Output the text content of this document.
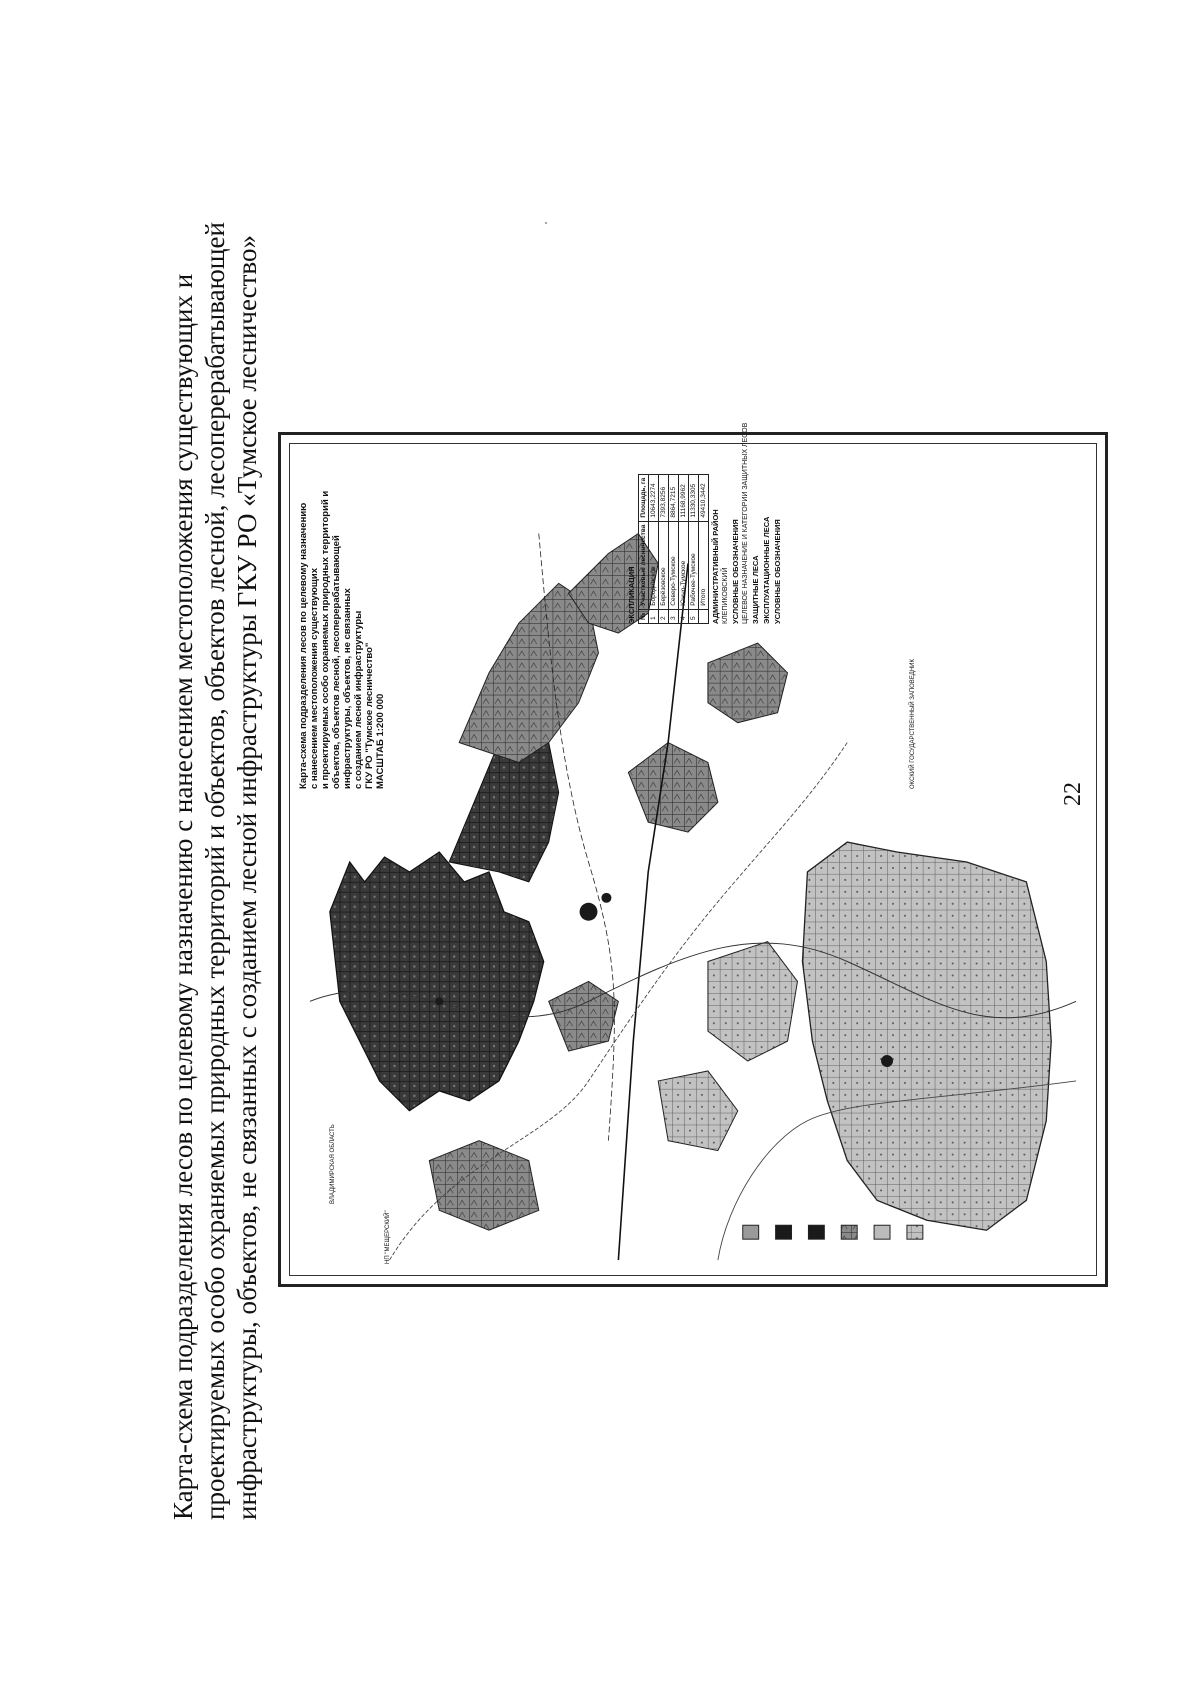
Карта-схема подразделения лесов по целевому назначению с нанесением местоположения существующих и проектируемых особо охраняемых природных территорий и объектов, объектов лесной, лесоперерабатывающей инфраструктуры, объектов, не связанных с созданием лесной инфраструктуры ГКУ РО «Тумское лесничество»	Карта-схема подразделения лесов по целевому назначению с нанесением местоположения существующих и проектируемых особо охраняемых природных территорий и объектов, объектов лесной, лесоперерабатывающей инфраструктуры, объектов, не связанных с созданием лесной инфраструктуры ГКУ РО "Тумское лесничество" МАСШТАБ 1:200 000
ЭКСПЛИКАЦИЯ №	Участковые лесничества	Площадь, га
1	Бородинское	10643,2274
2	Берёзовское	7393,8256
3	Северо-Тумское	8864,7215
4	Южно-Тумское	11168,9962
5	Рабочее-Тумское	11330,3305
	Итого	49410,3442
АДМИНИСТРАТИВНЫЙ РАЙОН КЛЕПИКОВСКИЙ УСЛОВНЫЕ ОБОЗНАЧЕНИЯ ЦЕЛЕВОЕ НАЗНАЧЕНИЕ И КАТЕГОРИИ ЗАЩИТНЫХ ЛЕСОВ ЗАЩИТНЫЕ ЛЕСА ЭКСПЛУАТАЦИОННЫЕ ЛЕСА УСЛОВНЫЕ ОБОЗНАЧЕНИЯ
ОКСКИЙ ГОСУДАРСТВЕННЫЙ ЗАПОВЕДНИК
ВЛАДИМИРСКАЯ ОБЛАСТЬ
НП "МЕЩЕРСКИЙ"
22
